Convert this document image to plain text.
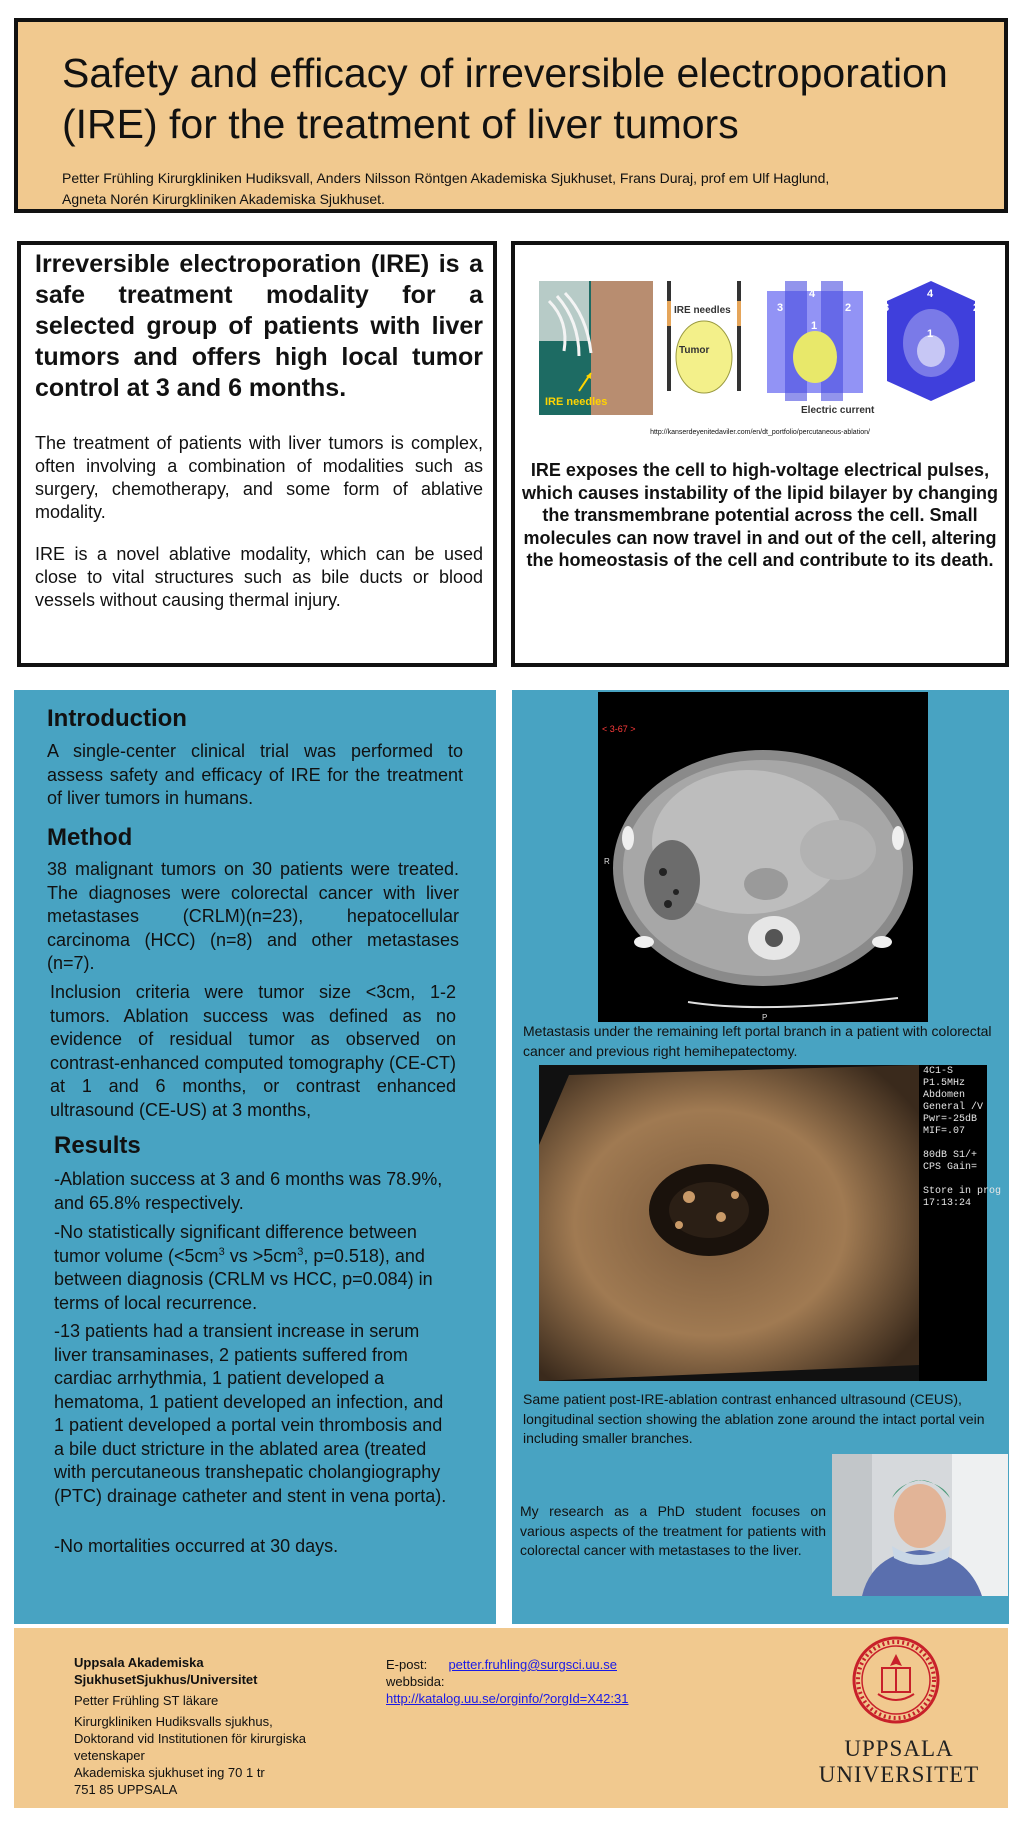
Safety and efficacy of irreversible electroporation (IRE) for the treatment of liver tumors
Petter Frühling Kirurgkliniken Hudiksvall, Anders Nilsson Röntgen Akademiska Sjukhuset, Frans Duraj, prof em Ulf Haglund,
Agneta Norén Kirurgkliniken Akademiska Sjukhuset.
Irreversible electroporation (IRE) is a safe treatment modality for a selected group of patients with liver tumors and offers high local tumor control at 3 and 6 months.
The treatment of patients with liver tumors is complex, often involving a combination of modalities such as surgery, chemotherapy, and some form of ablative modality.
IRE is a novel ablative modality, which can be used close to vital structures such as bile ducts or blood vessels without causing thermal injury.
IRE needles
IRE needles
Tumor
3
4
1
2
Electric current
3
4
1
2
http://kanserdeyenitedaviler.com/en/dt_portfolio/percutaneous-ablation/
IRE exposes the cell to high-voltage electrical pulses, which causes instability of the lipid bilayer by changing the transmembrane potential across the cell. Small molecules can now travel in and out of the cell, altering the homeostasis of the cell and contribute to its death.
Introduction
A single-center clinical trial was performed to assess safety and efficacy of IRE for the treatment of liver tumors in humans.
Method
38 malignant tumors on 30 patients were treated. The diagnoses were colorectal cancer with liver metastases (CRLM)(n=23), hepatocellular carcinoma (HCC) (n=8) and other metastases (n=7).
Inclusion criteria were tumor size <3cm, 1-2 tumors. Ablation success was defined as no evidence of residual tumor as observed on contrast-enhanced computed tomography (CE-CT) at 1 and 6 months, or contrast enhanced ultrasound (CE-US) at 3 months,
Results
-Ablation success at 3 and 6 months was 78.9%, and 65.8% respectively.
-No statistically significant difference between tumor volume ($<5cm^3$ vs $>5cm^3$, p=0.518), and between diagnosis (CRLM vs HCC, p=0.084) in terms of local recurrence.
-13 patients had a transient increase in serum liver transaminases, 2 patients suffered from cardiac arrhythmia, 1 patient developed a hematoma, 1 patient developed an infection, and 1 patient developed a portal vein thrombosis and a bile duct stricture in the ablated area (treated with percutaneous transhepatic cholangiography (PTC) drainage catheter and stent in vena porta).
-No mortalities occurred at 30 days.
< 3-67 >
R
P
Metastasis under the remaining left portal branch in a patient with colorectal cancer and previous right hemihepatectomy.
4C1-S P1.5MHz Abdomen General /V Pwr=-25dB MIF=.07 80dB S1/+ CPS Gain= Store in prog 17:13:24
Same patient post-IRE-ablation contrast enhanced ultrasound (CEUS), longitudinal section showing the ablation zone around the intact portal vein including smaller branches.
My research as a PhD student focuses on various aspects of the treatment for patients with colorectal cancer with metastases to the liver.
Uppsala Akademiska
SjukhusetSjukhus/Universitet
Petter Frühling ST läkare
Kirurgkliniken Hudiksvalls sjukhus,
Doktorand vid Institutionen för kirurgiska
vetenskaper
Akademiska sjukhuset ing 70 1 tr
751 85 UPPSALA
E-post: petter.fruhling@surgsci.uu.se
webbsida:
http://katalog.uu.se/orginfo/?orgId=X42:31
UPPSALA
UNIVERSITET
